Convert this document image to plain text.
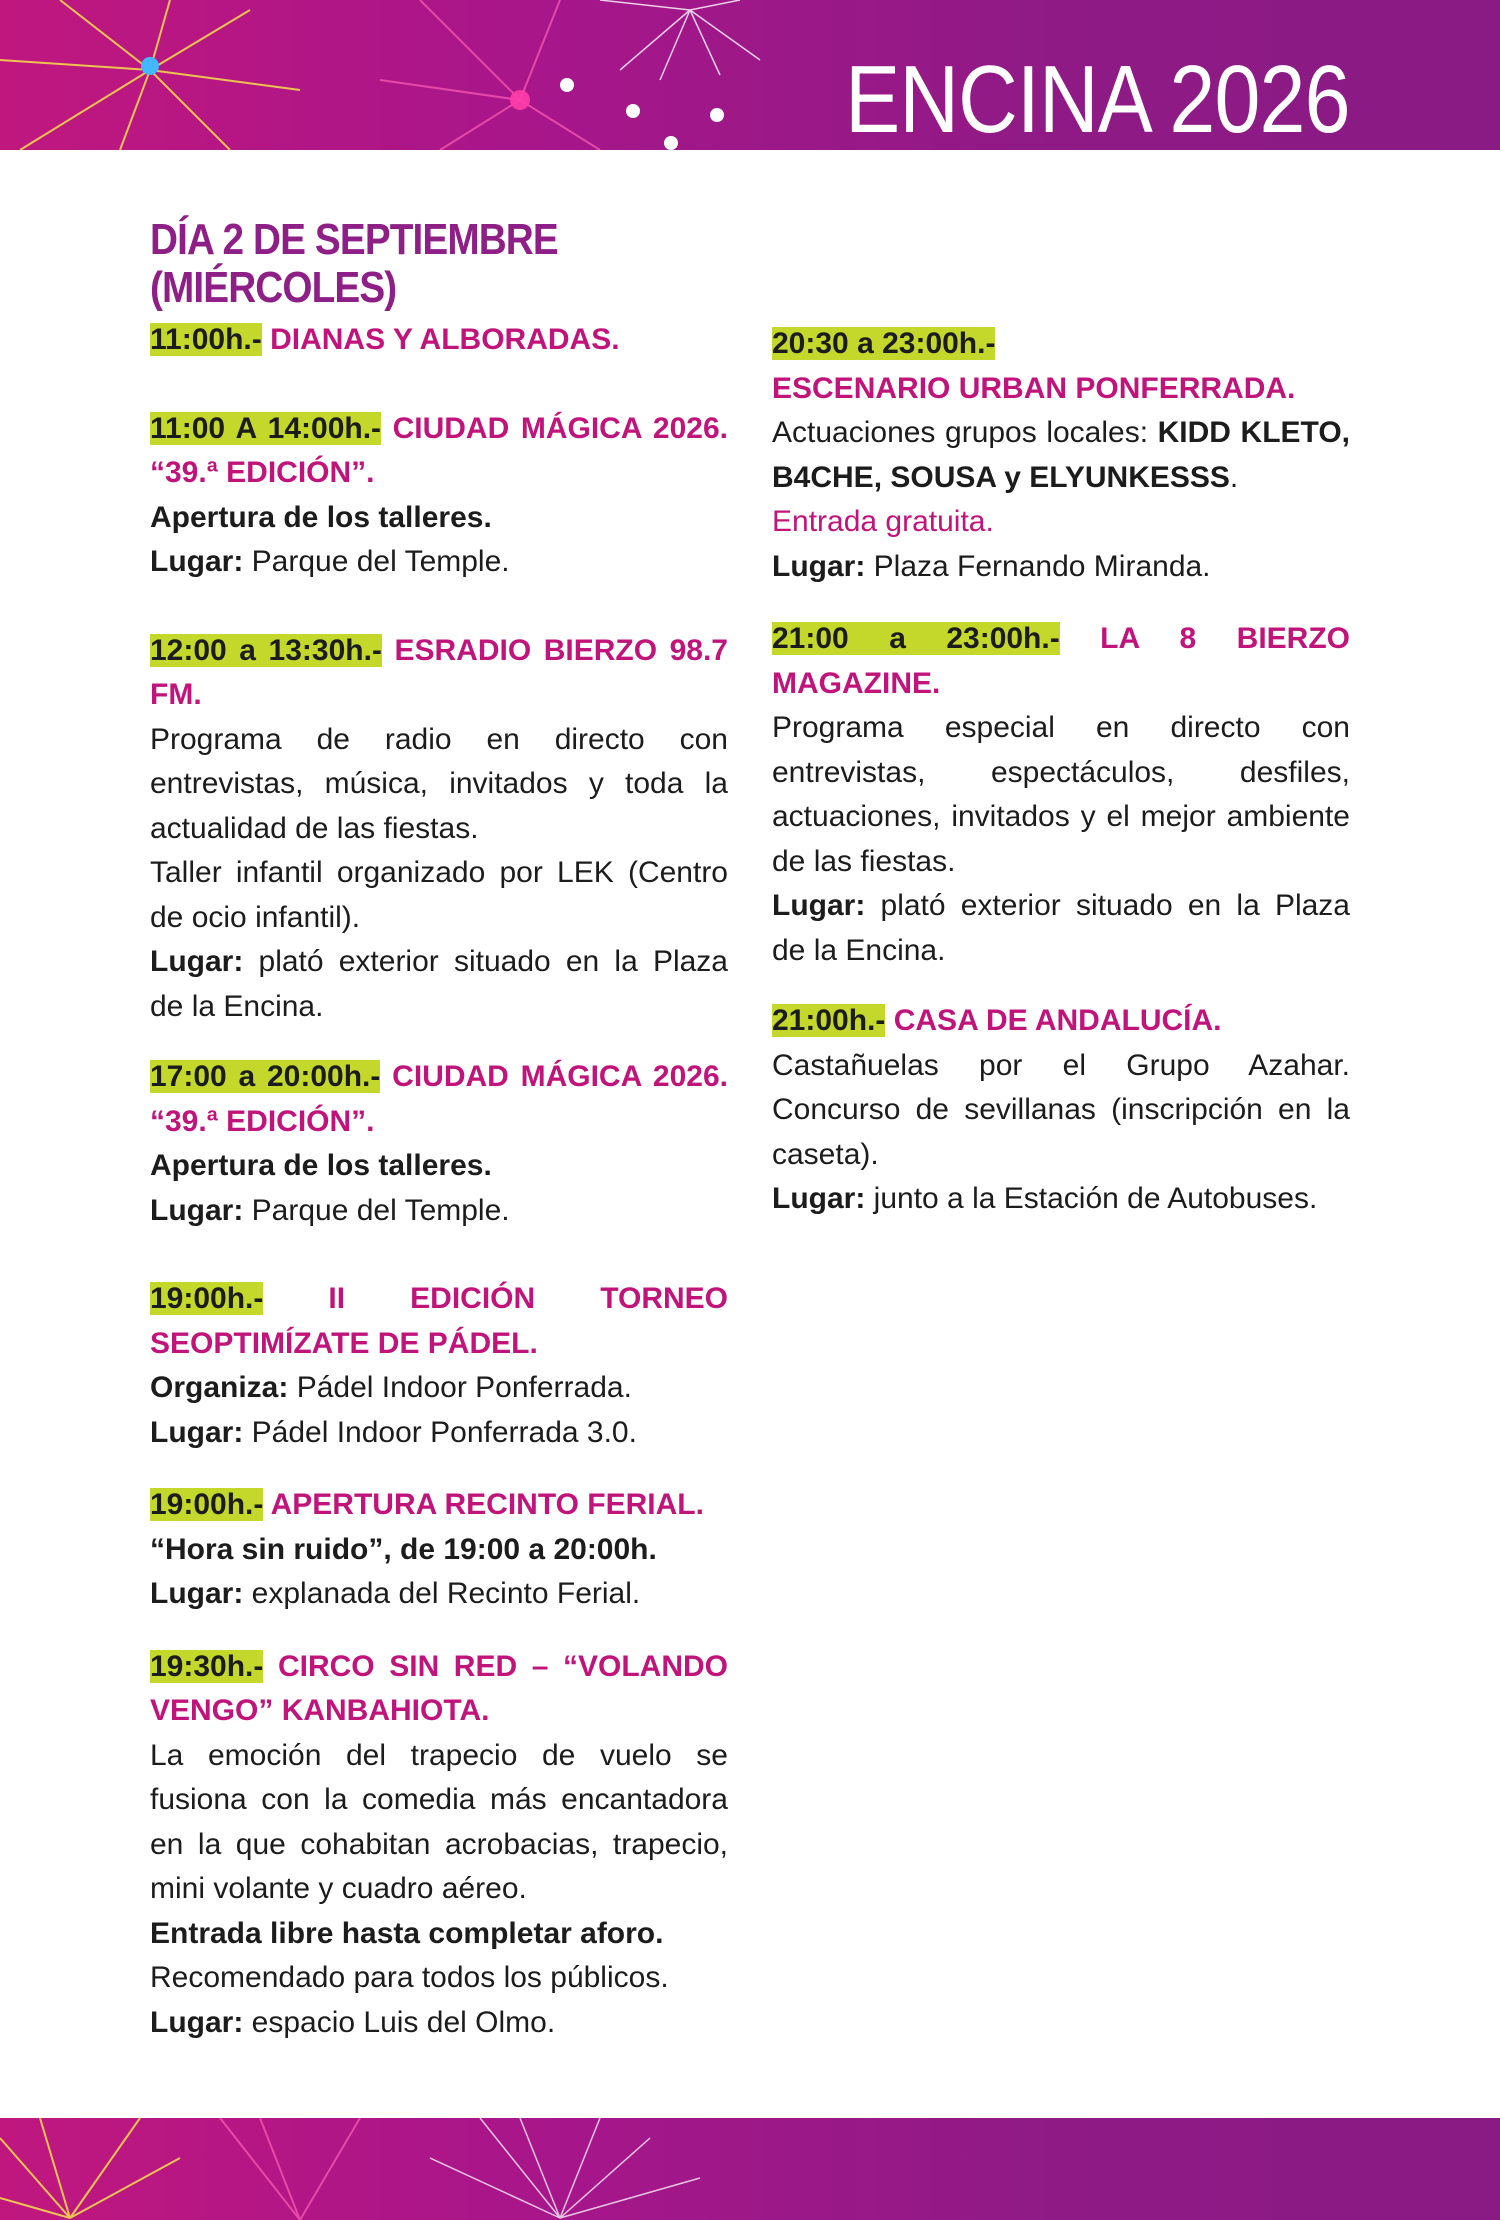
ENCINA 2026
DÍA 2 DE SEPTIEMBRE
(MIÉRCOLES)

11:00h.- DIANAS Y ALBORADAS.

11:00 A 14:00h.- CIUDAD MÁGICA 2026. “39.ª EDICIÓN”.

Apertura de los talleres.

Lugar: Parque del Temple.

12:00 a 13:30h.- ESRADIO BIERZO 98.7 FM.

Programa de radio en directo con entrevistas, música, invitados y toda la actualidad de las fiestas.

Taller infantil organizado por LEK (Centro de ocio infantil).

Lugar: plató exterior situado en la Plaza de la Encina.

17:00 a 20:00h.- CIUDAD MÁGICA 2026. “39.ª EDICIÓN”.

Apertura de los talleres.

Lugar: Parque del Temple.

19:00h.- II EDICIÓN TORNEO SEOPTIMÍZATE DE PÁDEL.

Organiza: Pádel Indoor Ponferrada.

Lugar: Pádel Indoor Ponferrada 3.0.

19:00h.- APERTURA RECINTO FERIAL.

“Hora sin ruido”, de 19:00 a 20:00h.

Lugar: explanada del Recinto Ferial.

19:30h.- CIRCO SIN RED – “VOLANDO VENGO” KANBAHIOTA.

La emoción del trapecio de vuelo se fusiona con la comedia más encantadora en la que cohabitan acrobacias, trapecio, mini volante y cuadro aéreo.

Entrada libre hasta completar aforo.

Recomendado para todos los públicos.

Lugar: espacio Luis del Olmo.

20:30 a 23:00h.-

ESCENARIO URBAN PONFERRADA.

Actuaciones grupos locales: KIDD KLETO, B4CHE, SOUSA y ELYUNKESSS.

Entrada gratuita.

Lugar: Plaza Fernando Miranda.

21:00 a 23:00h.- LA 8 BIERZO MAGAZINE.

Programa especial en directo con entrevistas, espectáculos, desfiles, actuaciones, invitados y el mejor ambiente de las fiestas.

Lugar: plató exterior situado en la Plaza de la Encina.

21:00h.- CASA DE ANDALUCÍA.

Castañuelas por el Grupo Azahar. Concurso de sevillanas (inscripción en la caseta).

Lugar: junto a la Estación de Autobuses.
